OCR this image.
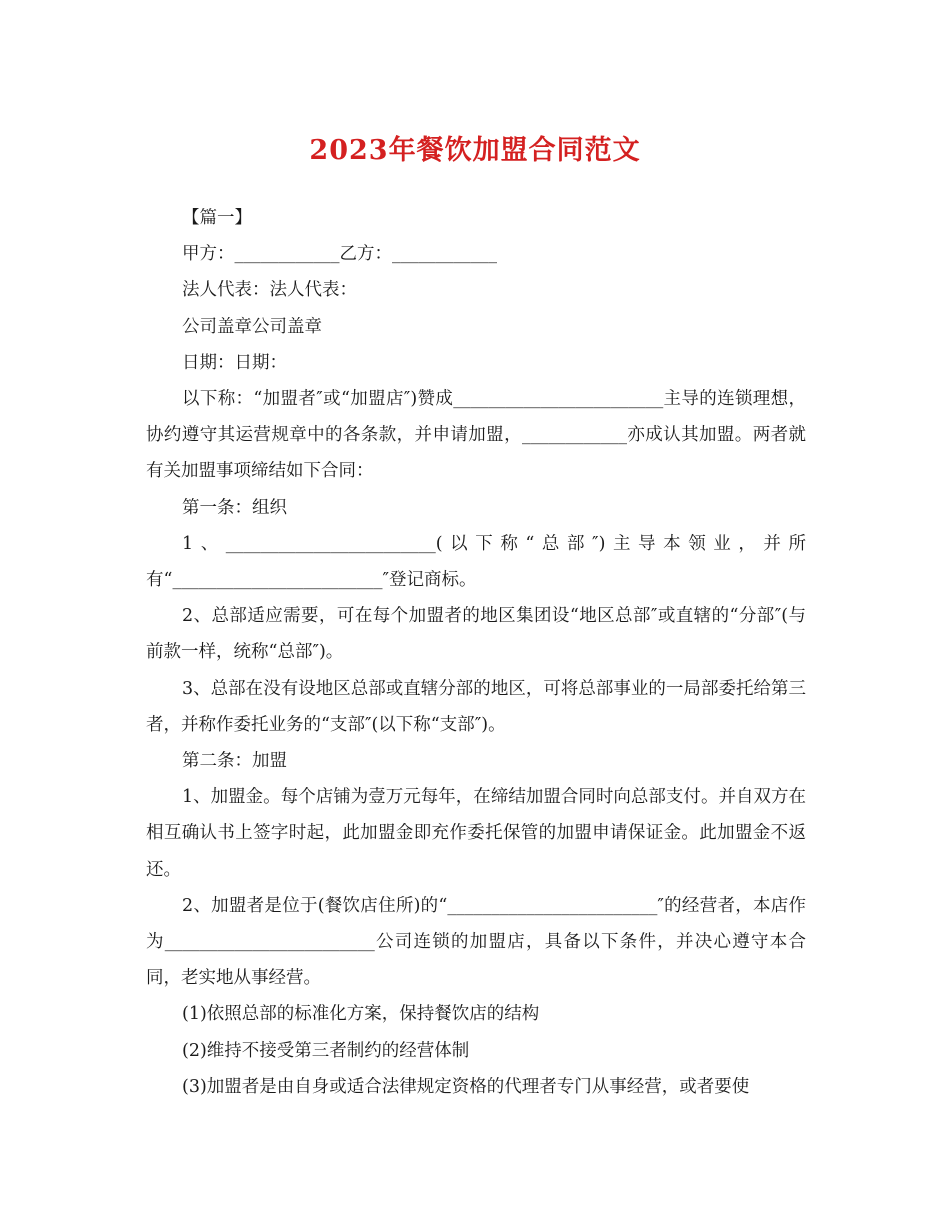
2023年餐饮加盟合同范文

【篇一】

甲方：____________乙方：____________

法人代表：法人代表：

公司盖章公司盖章

日期：日期：

以下称：“加盟者″或“加盟店″)赞成________________________主导的连锁理想，协约遵守其运营规章中的各条款，并申请加盟，____________亦成认其加盟。两者就有关加盟事项缔结如下合同：

第一条：组织

1、________________________(以下称“总部″)主导本领业，并所有“________________________″登记商标。

2、总部适应需要，可在每个加盟者的地区集团设“地区总部″或直辖的“分部″(与前款一样，统称“总部″)。

3、总部在没有设地区总部或直辖分部的地区，可将总部事业的一局部委托给第三者，并称作委托业务的“支部″(以下称“支部″)。

第二条：加盟

1、加盟金。每个店铺为壹万元每年，在缔结加盟合同时向总部支付。并自双方在相互确认书上签字时起，此加盟金即充作委托保管的加盟申请保证金。此加盟金不返还。

2、加盟者是位于(餐饮店住所)的“________________________″的经营者，本店作为________________________公司连锁的加盟店，具备以下条件，并决心遵守本合同，老实地从事经营。

(1)依照总部的标准化方案，保持餐饮店的结构

(2)维持不接受第三者制约的经营体制

(3)加盟者是由自身或适合法律规定资格的代理者专门从事经营，或者要使
